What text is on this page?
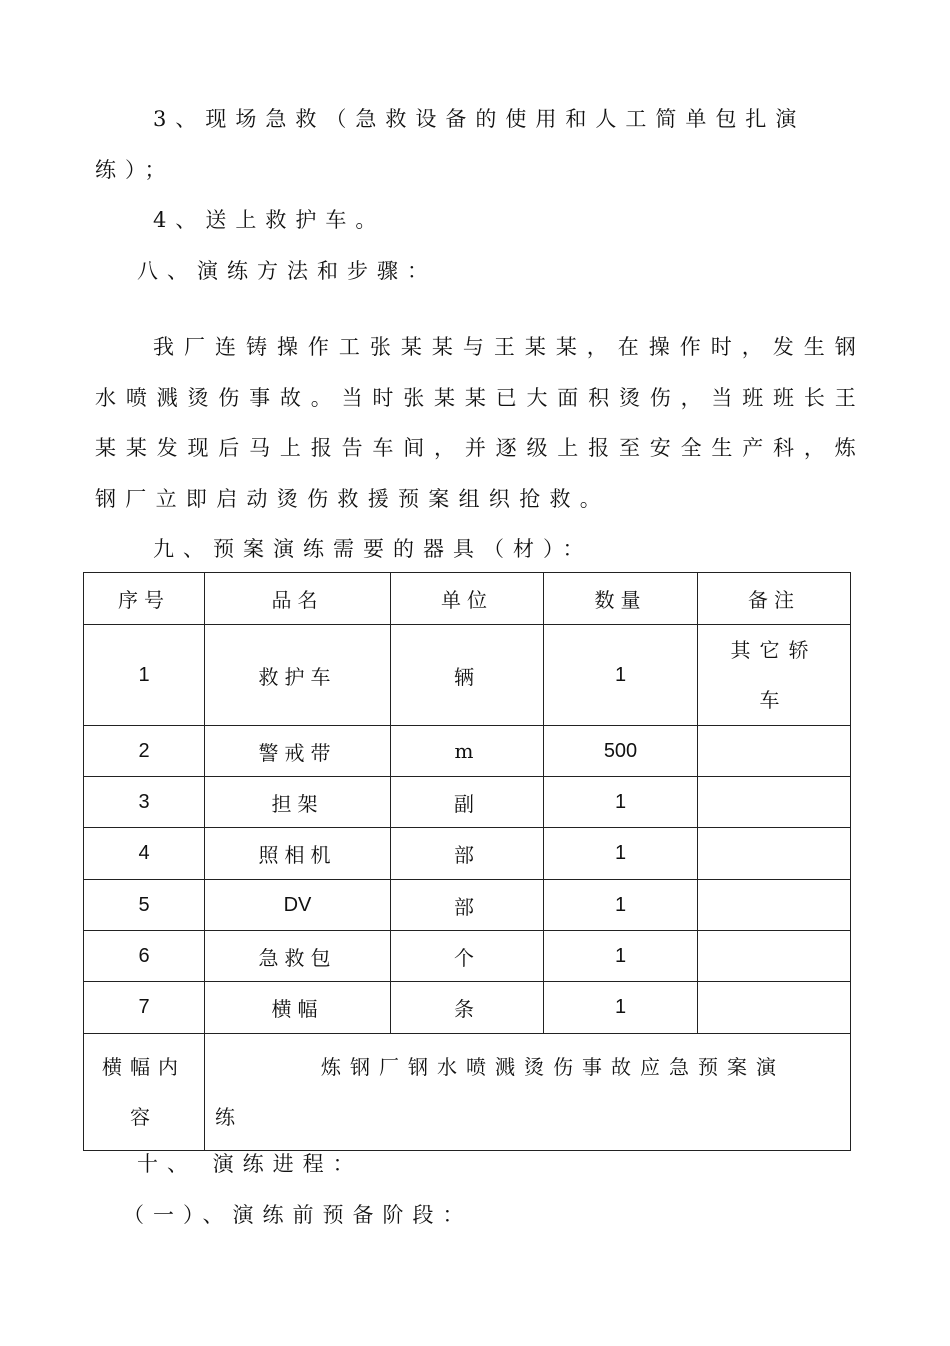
3、现场急救（急救设备的使用和人工简单包扎演
练）；
4、送上救护车。
八、演练方法和步骤：
我厂连铸操作工张某某与王某某，在操作时，发生钢水喷溅烫伤事故。当时张某某已大面积烫伤，当班班长王某某发现后马上报告车间，并逐级上报至安全生产科，炼钢厂立即启动烫伤救援预案组织抢救。
九、预案演练需要的器具（材）：
序号	品名	单位	数量	备注
1	救护车	辆	1	其它轿车
2	警戒带	m	500	
3	担架	副	1	
4	照相机	部	1	
5	DV	部	1	
6	急救包	个	1	
7	横幅	条	1	
横幅内容	炼钢厂钢水喷溅烫伤事故应急预案演
练			
十、 演练进程：
（一）、演练前预备阶段：
